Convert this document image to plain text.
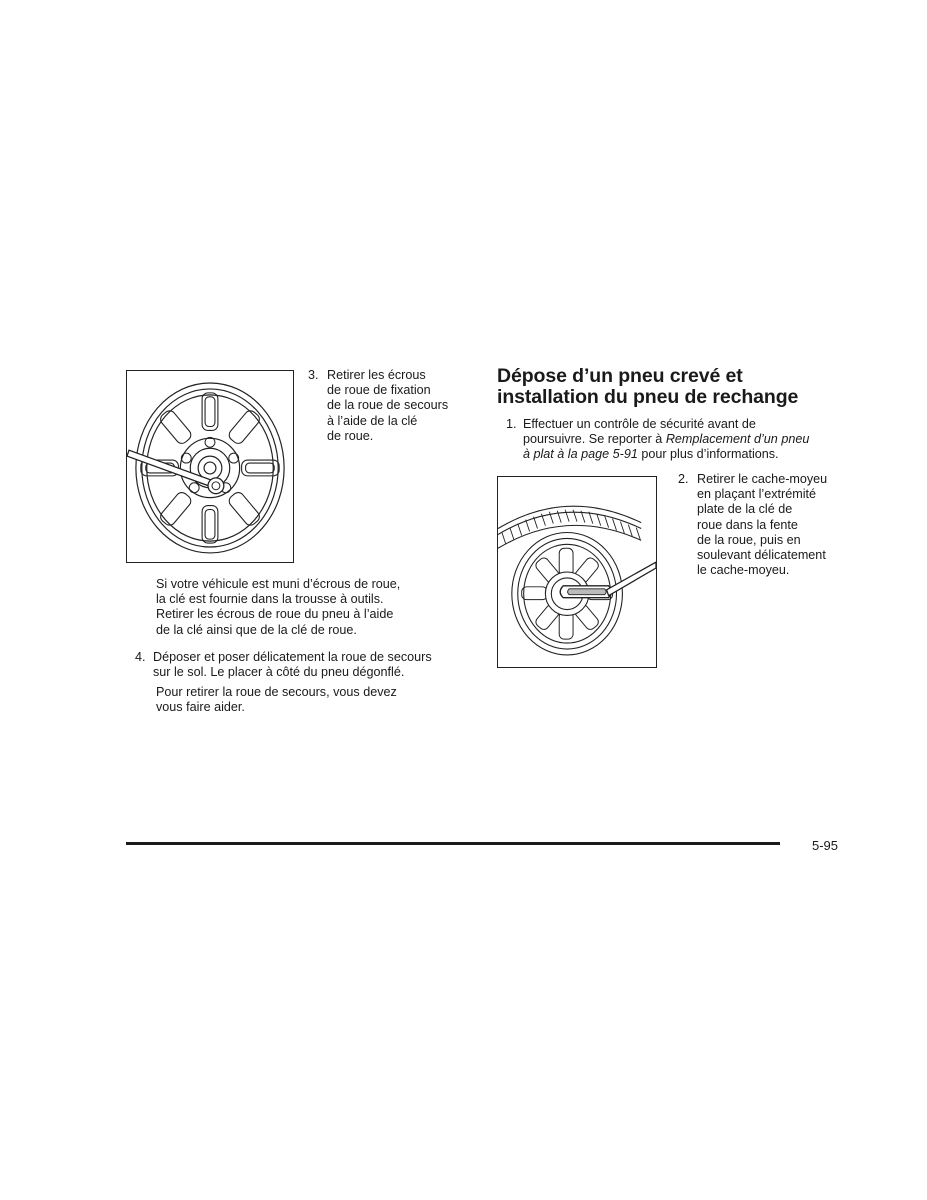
3. Retirer les écrous
de roue de fixation
de la roue de secours
à l’aide de la clé
de roue.
Si votre véhicule est muni d’écrous de roue,
la clé est fournie dans la trousse à outils.
Retirer les écrous de roue du pneu à l’aide
de la clé ainsi que de la clé de roue.
4. Déposer et poser délicatement la roue de secours
sur le sol. Le placer à côté du pneu dégonflé.
Pour retirer la roue de secours, vous devez
vous faire aider.
Dépose d’un pneu crevé et
installation du pneu de rechange
1. Effectuer un contrôle de sécurité avant de
poursuivre. Se reporter à Remplacement d’un pneu
à plat à la page 5-91 pour plus d’informations.
2. Retirer le cache-moyeu
en plaçant l’extrémité
plate de la clé de
roue dans la fente
de la roue, puis en
soulevant délicatement
le cache-moyeu.
5-95
